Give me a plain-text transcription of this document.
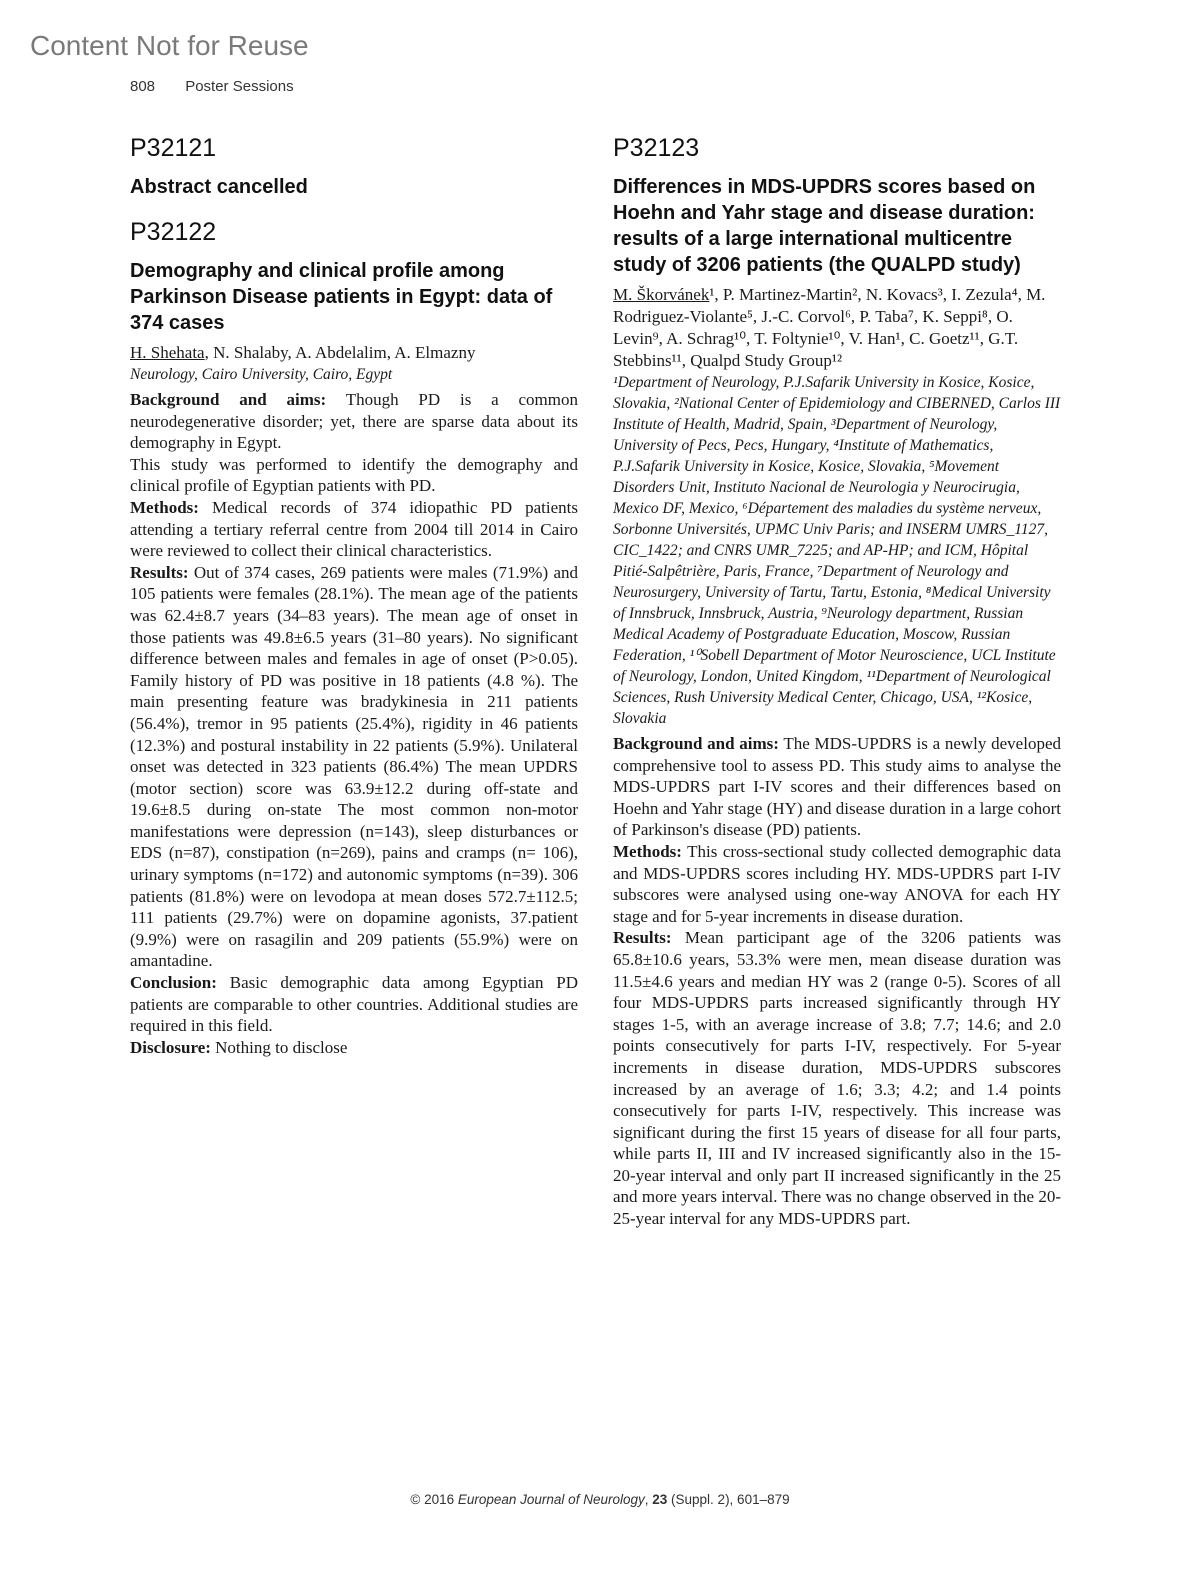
Content Not for Reuse
808 Poster Sessions
P32121
Abstract cancelled
P32122
Demography and clinical profile among Parkinson Disease patients in Egypt: data of 374 cases

H. Shehata, N. Shalaby, A. Abdelalim, A. Elmazny

Neurology, Cairo University, Cairo, Egypt

Background and aims: Though PD is a common neurodegenerative disorder; yet, there are sparse data about its demography in Egypt.

This study was performed to identify the demography and clinical profile of Egyptian patients with PD.

Methods: Medical records of 374 idiopathic PD patients attending a tertiary referral centre from 2004 till 2014 in Cairo were reviewed to collect their clinical characteristics.

Results: Out of 374 cases, 269 patients were males (71.9%) and 105 patients were females (28.1%). The mean age of the patients was 62.4±8.7 years (34–83 years). The mean age of onset in those patients was 49.8±6.5 years (31–80 years). No significant difference between males and females in age of onset (P>0.05). Family history of PD was positive in 18 patients (4.8 %). The main presenting feature was bradykinesia in 211 patients (56.4%), tremor in 95 patients (25.4%), rigidity in 46 patients (12.3%) and postural instability in 22 patients (5.9%). Unilateral onset was detected in 323 patients (86.4%) The mean UPDRS (motor section) score was 63.9±12.2 during off-state and 19.6±8.5 during on-state The most common non-motor manifestations were depression (n=143), sleep disturbances or EDS (n=87), constipation (n=269), pains and cramps (n= 106), urinary symptoms (n=172) and autonomic symptoms (n=39). 306 patients (81.8%) were on levodopa at mean doses 572.7±112.5; 111 patients (29.7%) were on dopamine agonists, 37.patient (9.9%) were on rasagilin and 209 patients (55.9%) were on amantadine.

Conclusion: Basic demographic data among Egyptian PD patients are comparable to other countries. Additional studies are required in this field.

Disclosure: Nothing to disclose

P32123
Differences in MDS-UPDRS scores based on Hoehn and Yahr stage and disease duration: results of a large international multicentre study of 3206 patients (the QUALPD study)

M. Škorvánek¹, P. Martinez-Martin², N. Kovacs³, I. Zezula⁴, M. Rodriguez-Violante⁵, J.-C. Corvol⁶, P. Taba⁷, K. Seppi⁸, O. Levin⁹, A. Schrag¹⁰, T. Foltynie¹⁰, V. Han¹, C. Goetz¹¹, G.T. Stebbins¹¹, Qualpd Study Group¹²

¹Department of Neurology, P.J.Safarik University in Kosice, Kosice, Slovakia, ²National Center of Epidemiology and CIBERNED, Carlos III Institute of Health, Madrid, Spain, ³Department of Neurology, University of Pecs, Pecs, Hungary, ⁴Institute of Mathematics, P.J.Safarik University in Kosice, Kosice, Slovakia, ⁵Movement Disorders Unit, Instituto Nacional de Neurologia y Neurocirugia, Mexico DF, Mexico, ⁶Département des maladies du système nerveux, Sorbonne Universités, UPMC Univ Paris; and INSERM UMRS_1127, CIC_1422; and CNRS UMR_7225; and AP-HP; and ICM, Hôpital Pitié-Salpêtrière, Paris, France, ⁷Department of Neurology and Neurosurgery, University of Tartu, Tartu, Estonia, ⁸Medical University of Innsbruck, Innsbruck, Austria, ⁹Neurology department, Russian Medical Academy of Postgraduate Education, Moscow, Russian Federation, ¹⁰Sobell Department of Motor Neuroscience, UCL Institute of Neurology, London, United Kingdom, ¹¹Department of Neurological Sciences, Rush University Medical Center, Chicago, USA, ¹²Kosice, Slovakia

Background and aims: The MDS-UPDRS is a newly developed comprehensive tool to assess PD. This study aims to analyse the MDS-UPDRS part I-IV scores and their differences based on Hoehn and Yahr stage (HY) and disease duration in a large cohort of Parkinson's disease (PD) patients.

Methods: This cross-sectional study collected demographic data and MDS-UPDRS scores including HY. MDS-UPDRS part I-IV subscores were analysed using one-way ANOVA for each HY stage and for 5-year increments in disease duration.

Results: Mean participant age of the 3206 patients was 65.8±10.6 years, 53.3% were men, mean disease duration was 11.5±4.6 years and median HY was 2 (range 0-5). Scores of all four MDS-UPDRS parts increased significantly through HY stages 1-5, with an average increase of 3.8; 7.7; 14.6; and 2.0 points consecutively for parts I-IV, respectively. For 5-year increments in disease duration, MDS-UPDRS subscores increased by an average of 1.6; 3.3; 4.2; and 1.4 points consecutively for parts I-IV, respectively. This increase was significant during the first 15 years of disease for all four parts, while parts II, III and IV increased significantly also in the 15-20-year interval and only part II increased significantly in the 25 and more years interval. There was no change observed in the 20-25-year interval for any MDS-UPDRS part.

© 2016 European Journal of Neurology, 23 (Suppl. 2), 601–879
